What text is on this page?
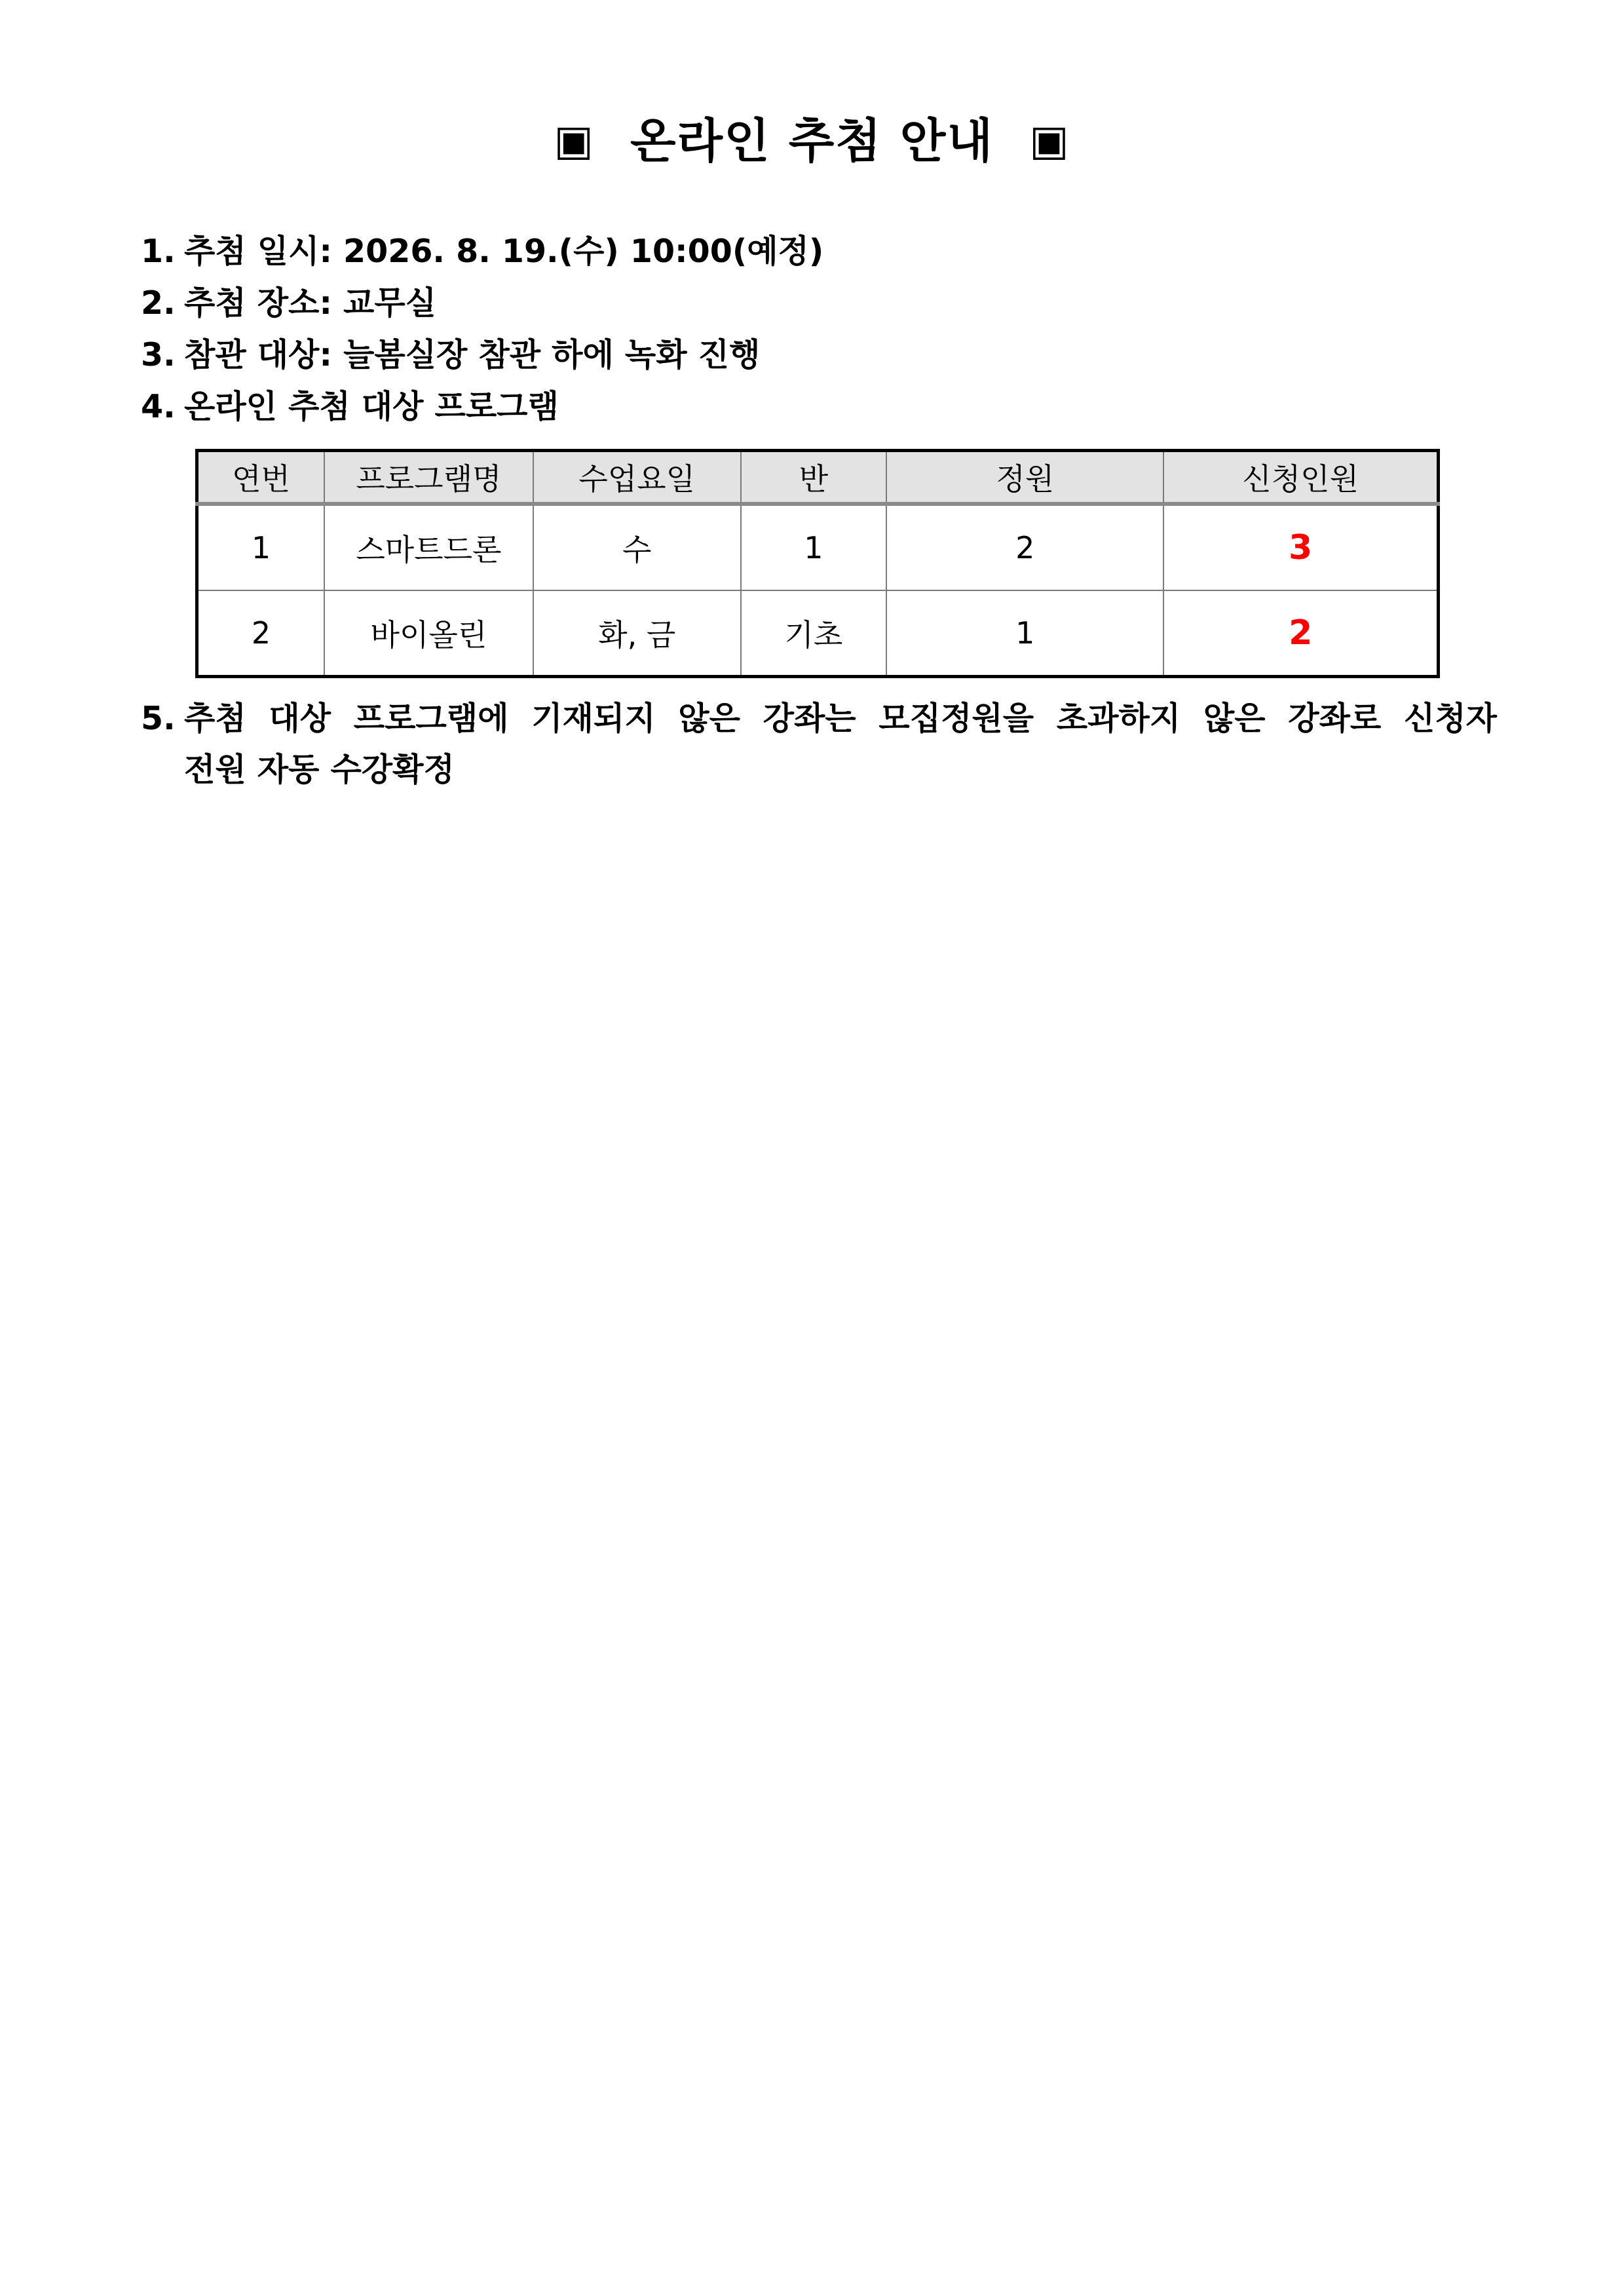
▣ 온라인 추첨 안내 ▣
1. 추첨 일시: 2026. 8. 19.(수) 10:00(예정)
2. 추첨 장소: 교무실
3. 참관 대상: 늘봄실장 참관 하에 녹화 진행
4. 온라인 추첨 대상 프로그램
연번	프로그램명	수업요일	반	정원	신청인원
1	스마트드론	수	1	2	3
2	바이올린	화, 금	기초	1	2
5. 추첨 대상 프로그램에 기재되지 않은 강좌는 모집정원을 초과하지 않은 강좌로 신청자
전원 자동 수강확정
